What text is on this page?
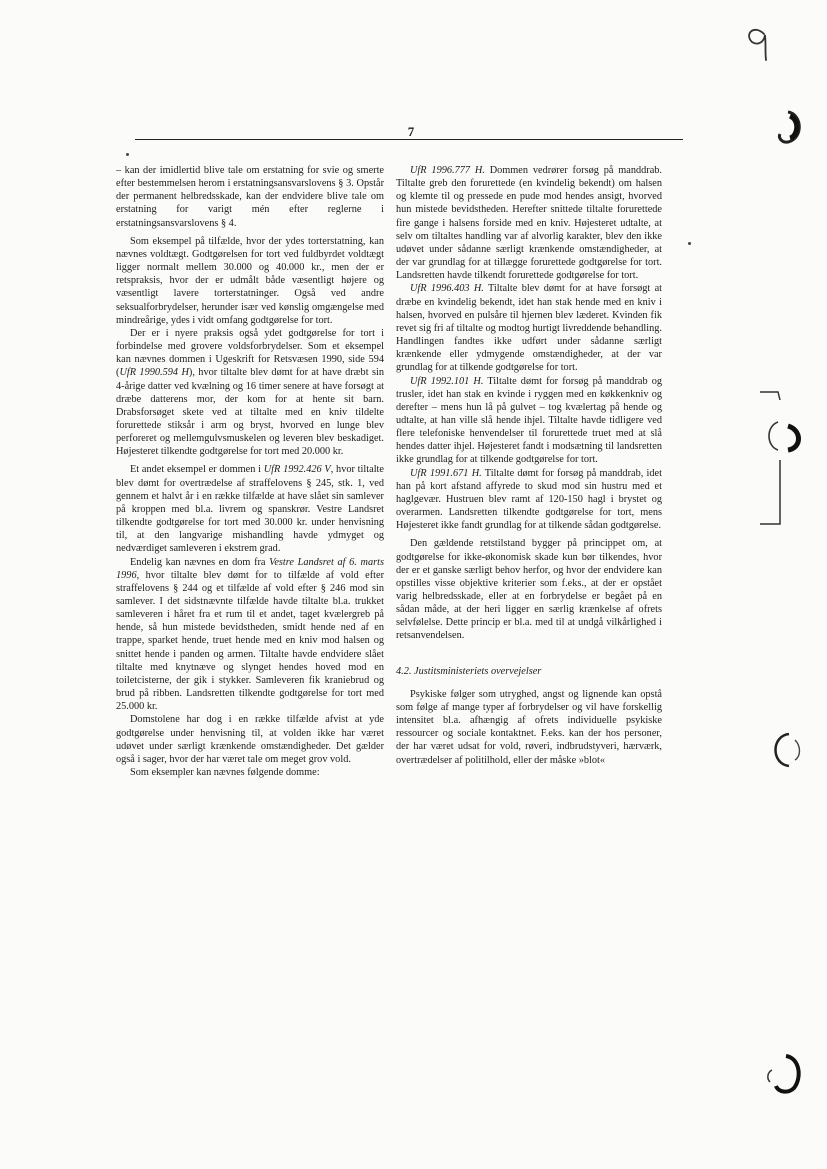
7

– kan der imidlertid blive tale om erstatning for svie og smerte efter bestemmelsen herom i erstatningsansvarslovens § 3. Opstår der permanent helbredsskade, kan der endvidere blive tale om erstatning for varigt mén efter reglerne i erstatningsansvarslovens § 4.

Som eksempel på tilfælde, hvor der ydes torterstatning, kan nævnes voldtægt. Godtgørelsen for tort ved fuldbyrdet voldtægt ligger normalt mellem 30.000 og 40.000 kr., men der er retspraksis, hvor der er udmålt både væsentligt højere og væsentligt lavere torterstatninger. Også ved andre seksualforbrydelser, herunder især ved kønslig omgængelse med mindreårige, ydes i vidt omfang godtgørelse for tort.

Der er i nyere praksis også ydet godtgørelse for tort i forbindelse med grovere voldsforbrydelser. Som et eksempel kan nævnes dommen i Ugeskrift for Retsvæsen 1990, side 594 (UfR 1990.594 H), hvor tiltalte blev dømt for at have dræbt sin 4-årige datter ved kvælning og 16 timer senere at have forsøgt at dræbe datterens mor, der kom for at hente sit barn. Drabsforsøget skete ved at tiltalte med en kniv tildelte forurettede stiksår i arm og bryst, hvorved en lunge blev perforeret og mellemgulvsmuskelen og leveren blev beskadiget. Højesteret tilkendte godtgørelse for tort med 20.000 kr.

Et andet eksempel er dommen i UfR 1992.426 V, hvor tiltalte blev dømt for overtrædelse af straffelovens § 245, stk. 1, ved gennem et halvt år i en række tilfælde at have slået sin samlever på kroppen med bl.a. livrem og spanskrør. Vestre Landsret tilkendte godtgørelse for tort med 30.000 kr. under henvisning til, at den langvarige mishandling havde ydmyget og nedværdiget samleveren i ekstrem grad.

Endelig kan nævnes en dom fra Vestre Landsret af 6. marts 1996, hvor tiltalte blev dømt for to tilfælde af vold efter straffelovens § 244 og et tilfælde af vold efter § 246 mod sin samlever. I det sidstnævnte tilfælde havde tiltalte bl.a. trukket samleveren i håret fra et rum til et andet, taget kvælergreb på hende, så hun mistede bevidstheden, smidt hende ned af en trappe, sparket hende, truet hende med en kniv mod halsen og snittet hende i panden og armen. Tiltalte havde endvidere slået tiltalte med knytnæve og slynget hendes hoved mod en toiletcisterne, der gik i stykker. Samleveren fik kraniebrud og brud på ribben. Landsretten tilkendte godtgørelse for tort med 25.000 kr.

Domstolene har dog i en række tilfælde afvist at yde godtgørelse under henvisning til, at volden ikke har været udøvet under særligt krænkende omstændigheder. Det gælder også i sager, hvor der har været tale om meget grov vold.

Som eksempler kan nævnes følgende domme:

UfR 1996.777 H. Dommen vedrører forsøg på manddrab. Tiltalte greb den forurettede (en kvindelig bekendt) om halsen og klemte til og pressede en pude mod hendes ansigt, hvorved hun mistede bevidstheden. Herefter snittede tiltalte forurettede fire gange i halsens forside med en kniv. Højesteret udtalte, at selv om tiltaltes handling var af alvorlig karakter, blev den ikke udøvet under sådanne særligt krænkende omstændigheder, at der var grundlag for at tillægge forurettede godtgørelse for tort. Landsretten havde tilkendt forurettede godtgørelse for tort.

UfR 1996.403 H. Tiltalte blev dømt for at have forsøgt at dræbe en kvindelig bekendt, idet han stak hende med en kniv i halsen, hvorved en pulsåre til hjernen blev læderet. Kvinden fik revet sig fri af tiltalte og modtog hurtigt livreddende behandling. Handlingen fandtes ikke udført under sådanne særligt krænkende eller ydmygende omstændigheder, at der var grundlag for at tilkende godtgørelse for tort.

UfR 1992.101 H. Tiltalte dømt for forsøg på manddrab og trusler, idet han stak en kvinde i ryggen med en køkkenkniv og derefter – mens hun lå på gulvet – tog kvælertag på hende og udtalte, at han ville slå hende ihjel. Tiltalte havde tidligere ved flere telefoniske henvendelser til forurettede truet med at slå hendes datter ihjel. Højesteret fandt i modsætning til landsretten ikke grundlag for at tilkende godtgørelse for tort.

UfR 1991.671 H. Tiltalte dømt for forsøg på manddrab, idet han på kort afstand affyrede to skud mod sin hustru med et haglgevær. Hustruen blev ramt af 120-150 hagl i brystet og overarmen. Landsretten tilkendte godtgørelse for tort, mens Højesteret ikke fandt grundlag for at tilkende sådan godtgørelse.

Den gældende retstilstand bygger på princippet om, at godtgørelse for ikke-økonomisk skade kun bør tilkendes, hvor der er et ganske særligt behov herfor, og hvor der endvidere kan opstilles visse objektive kriterier som f.eks., at der er opstået varig helbredsskade, eller at en forbrydelse er begået på en sådan måde, at der heri ligger en særlig krænkelse af ofrets selvfølelse. Dette princip er bl.a. med til at undgå vilkårlighed i retsanvendelsen.

4.2. Justitsministeriets overvejelser

Psykiske følger som utryghed, angst og lignende kan opstå som følge af mange typer af forbrydelser og vil have forskellig intensitet bl.a. afhængig af ofrets individuelle psykiske ressourcer og sociale kontaktnet. F.eks. kan der hos personer, der har været udsat for vold, røveri, indbrudstyveri, hærværk, overtrædelser af politilhold, eller der måske »blot«
